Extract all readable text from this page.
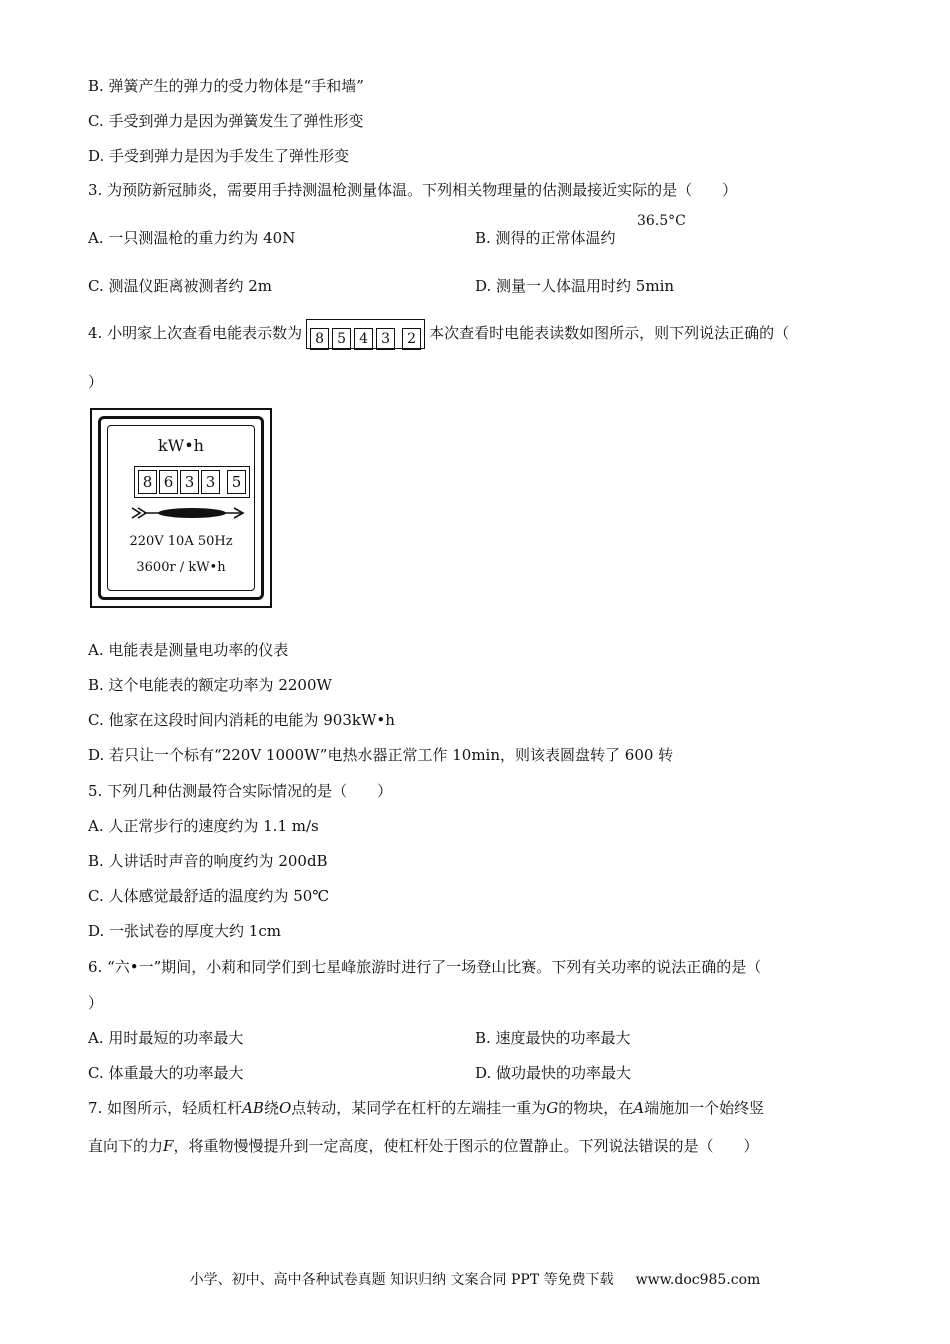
B. 弹簧产生的弹力的受力物体是“手和墙”
C. 手受到弹力是因为弹簧发生了弹性形变
D. 手受到弹力是因为手发生了弹性形变
3. 为预防新冠肺炎，需要用手持测温枪测量体温。下列相关物理量的估测最接近实际的是（　　）
A. 一只测温枪的重力约为 40N	B. 测得的正常体温约
36.5°C
C. 测温仪距离被测者约 2m	D. 测量一人体温用时约 5min
4. 小明家上次查看电能表示数为 8 5 4 3 2 本次查看时电能表读数如图所示，则下列说法正确的（
）
kW•h
8 6 3 3 5
220V 10A 50Hz
3600r / kW•h
A. 电能表是测量电功率的仪表
B. 这个电能表的额定功率为 2200W
C. 他家在这段时间内消耗的电能为 903kW•h
D. 若只让一个标有“220V 1000W”电热水器正常工作 10min，则该表圆盘转了 600 转
5. 下列几种估测最符合实际情况的是（　　）
A. 人正常步行的速度约为 1.1 m/s
B. 人讲话时声音的响度约为 200dB
C. 人体感觉最舒适的温度约为 50℃
D. 一张试卷的厚度大约 1cm
6. “六•一”期间，小莉和同学们到七星峰旅游时进行了一场登山比赛。下列有关功率的说法正确的是（
）
A. 用时最短的功率最大	B. 速度最快的功率最大
C. 体重最大的功率最大	D. 做功最快的功率最大
7. 如图所示，轻质杠杆AB绕O点转动，某同学在杠杆的左端挂一重为G的物块，在A端施加一个始终竖
直向下的力F，将重物慢慢提升到一定高度，使杠杆处于图示的位置静止。下列说法错误的是（　　）
小学、初中、高中各种试卷真题 知识归纳 文案合同 PPT 等免费下载 www.doc985.com
